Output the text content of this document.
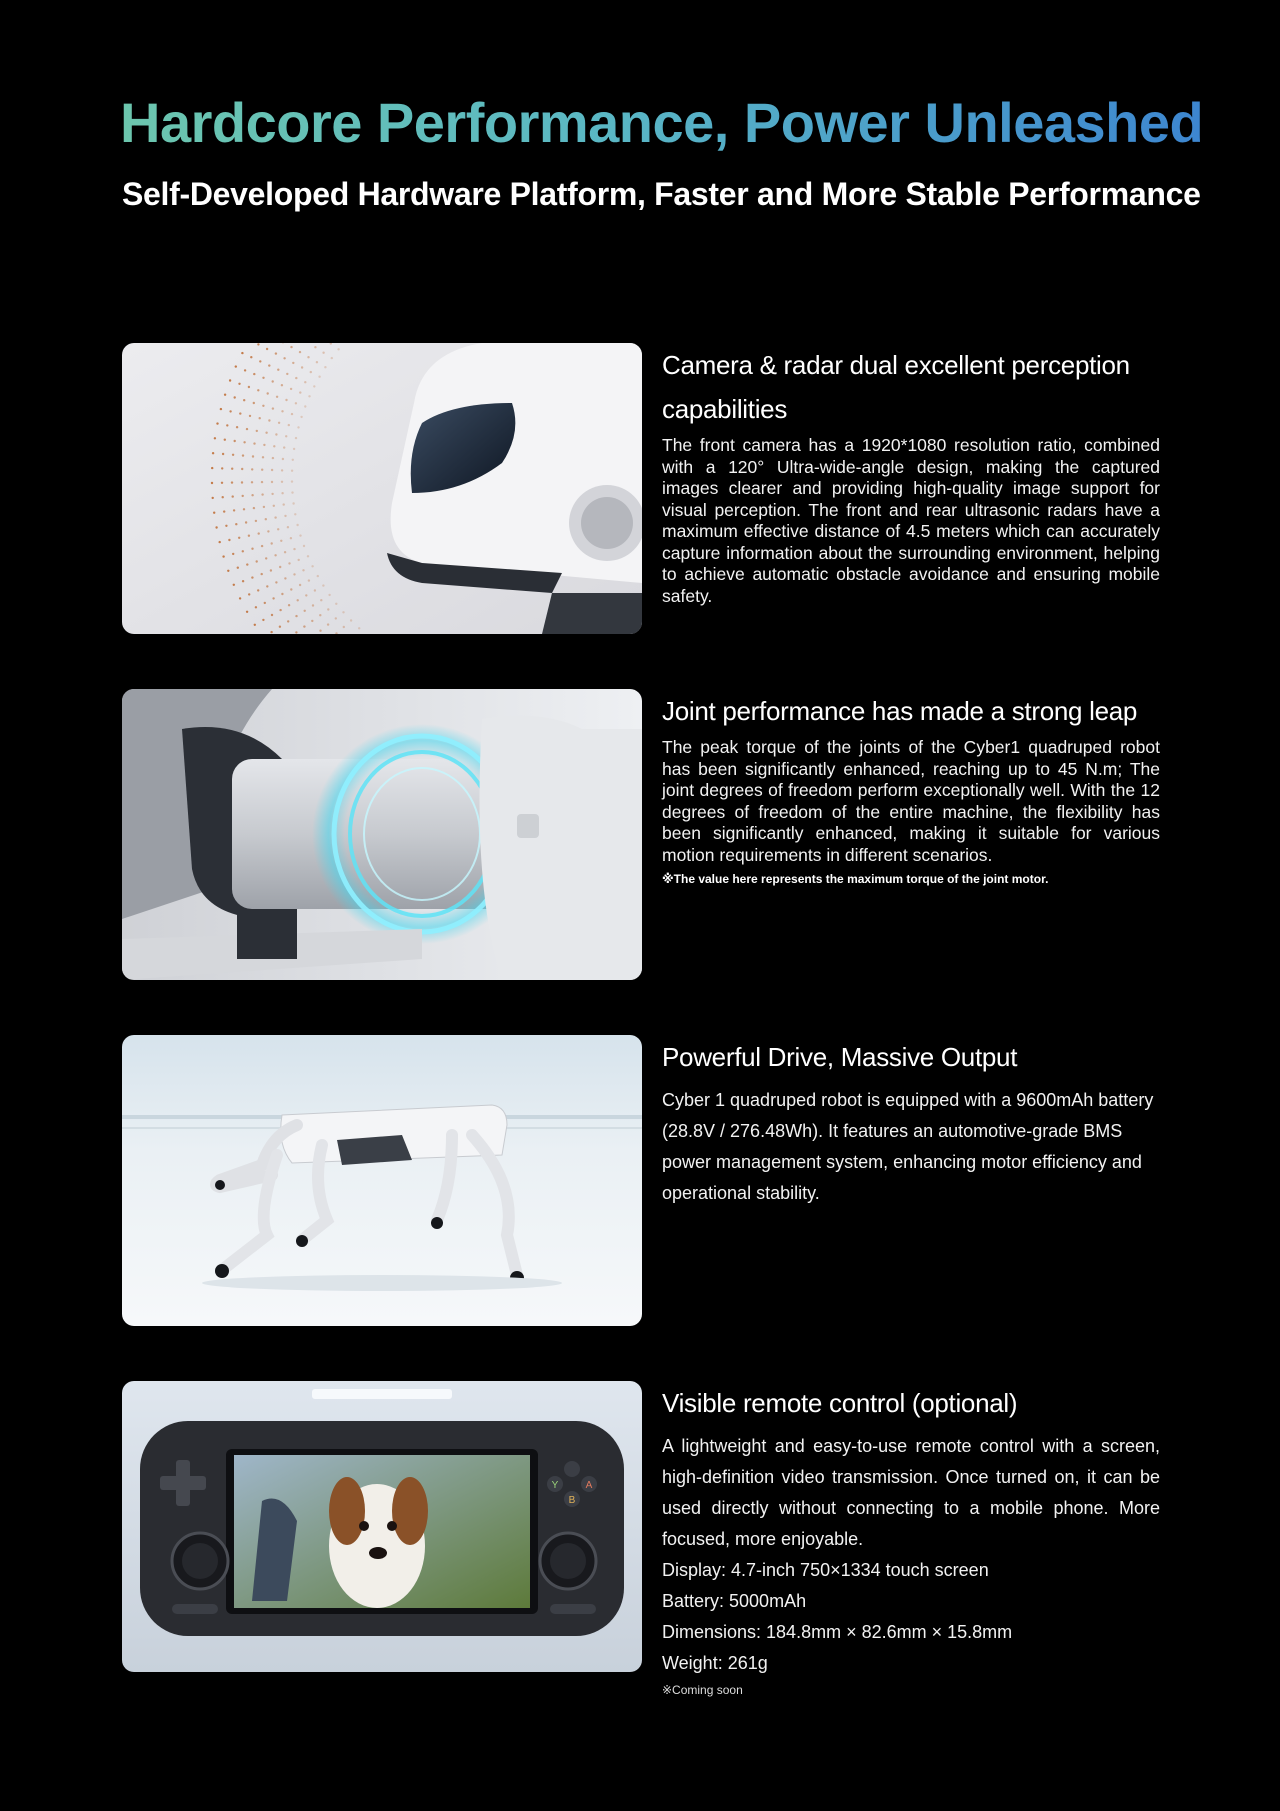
Hardcore Performance, Power Unleashed
Self-Developed Hardware Platform, Faster and More Stable Performance
Camera & radar dual excellent perception capabilities

The front camera has a 1920*1080 resolution ratio, combined with a 120° Ultra-wide-angle design, making the captured images clearer and providing high-quality image support for visual perception. The front and rear ultrasonic radars have a maximum effective distance of 4.5 meters which can accurately capture information about the surrounding environment, helping to achieve automatic obstacle avoidance and ensuring mobile safety.

Joint performance has made a strong leap

The peak torque of the joints of the Cyber1 quadruped robot has been significantly enhanced, reaching up to 45 N.m; The joint degrees of freedom perform exceptionally well. With the 12 degrees of freedom of the entire machine, the flexibility has been significantly enhanced, making it suitable for various motion requirements in different scenarios.

※The value here represents the maximum torque of the joint motor.

Powerful Drive, Massive Output

Cyber 1 quadruped robot is equipped with a 9600mAh battery (28.8V / 276.48Wh). It features an automotive-grade BMS power management system, enhancing motor efficiency and operational stability.

Y	A
B
Visible remote control (optional)

A lightweight and easy-to-use remote control with a screen, high-definition video transmission. Once turned on, it can be used directly without connecting to a mobile phone. More focused, more enjoyable.

Display: 4.7-inch 750×1334 touch screen

Battery: 5000mAh

Dimensions: 184.8mm × 82.6mm × 15.8mm

Weight: 261g

※Coming soon
